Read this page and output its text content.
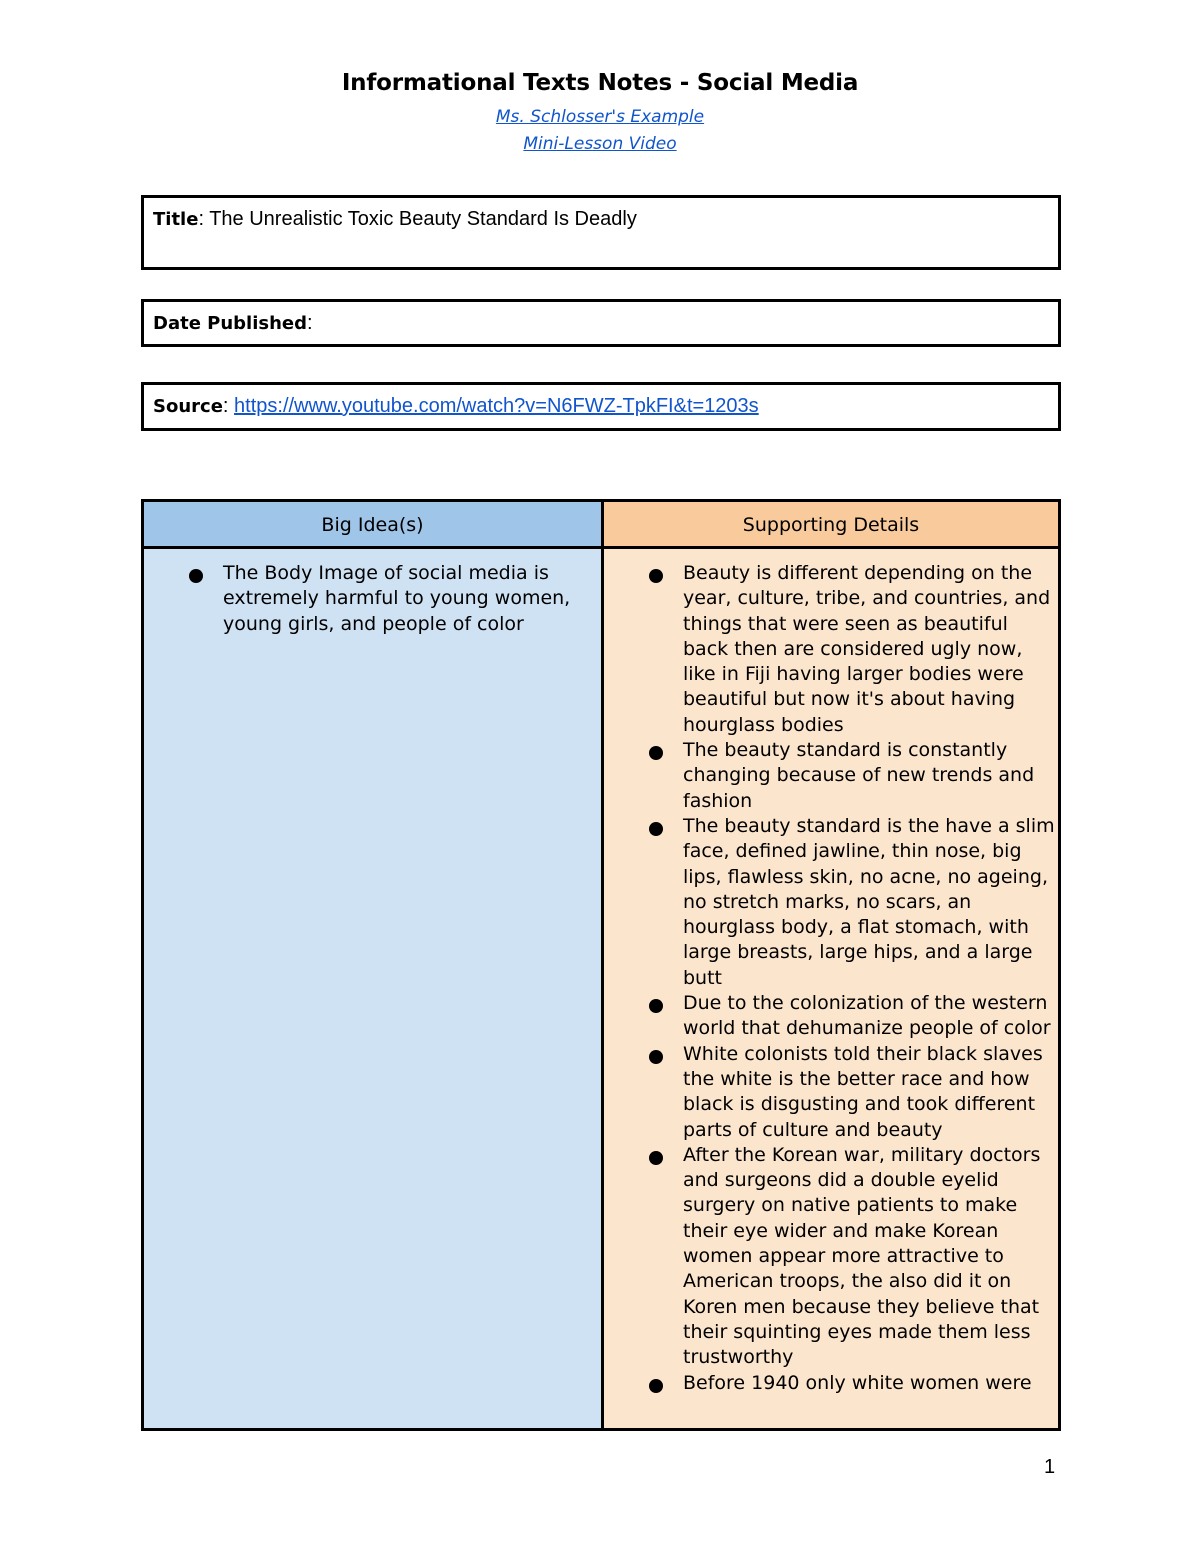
Informational Texts Notes - Social Media
Ms. Schlosser's Example
Mini-Lesson Video
Title: The Unrealistic Toxic Beauty Standard Is Deadly
Date Published:
Source: https://www.youtube.com/watch?v=N6FWZ-TpkFI&t=1203s
Big Idea(s)	Supporting Details
The Body Image of social media is extremely harmful to young women, young girls, and people of color
Beauty is different depending on the year, culture, tribe, and countries, and things that were seen as beautiful back then are considered ugly now, like in Fiji having larger bodies were beautiful but now it's about having hourglass bodies
The beauty standard is constantly changing because of new trends and fashion
The beauty standard is the have a slim face, defined jawline, thin nose, big lips, flawless skin, no acne, no ageing, no stretch marks, no scars, an hourglass body, a flat stomach, with large breasts, large hips, and a large butt
Due to the colonization of the western world that dehumanize people of color
White colonists told their black slaves the white is the better race and how black is disgusting and took different parts of culture and beauty
After the Korean war, military doctors and surgeons did a double eyelid surgery on native patients to make their eye wider and make Korean women appear more attractive to American troops, the also did it on Koren men because they believe that their squinting eyes made them less trustworthy
Before 1940 only white women were
1
